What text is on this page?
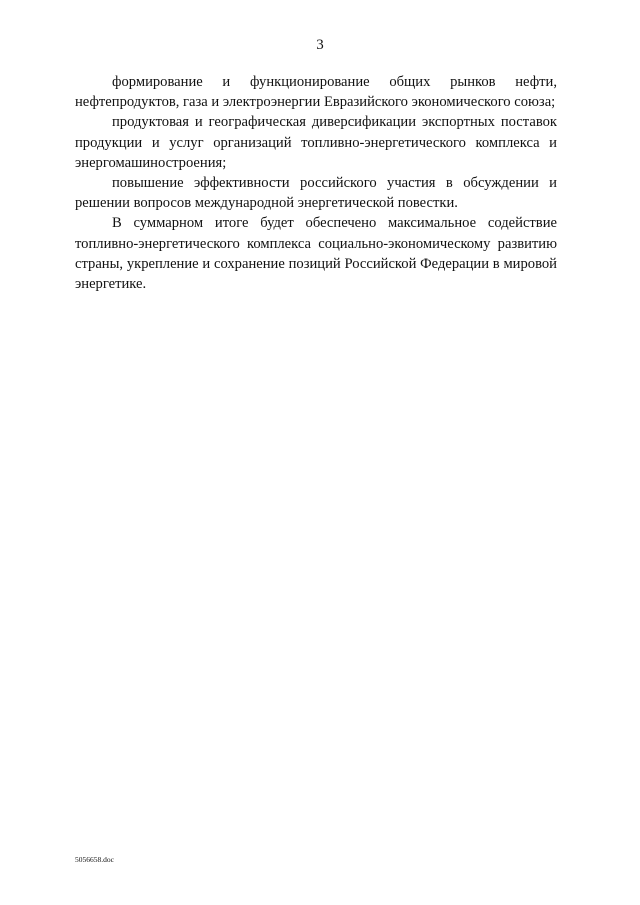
3

формирование и функционирование общих рынков нефти, нефтепродуктов, газа и электроэнергии Евразийского экономического союза;

продуктовая и географическая диверсификации экспортных поставок продукции и услуг организаций топливно-энергетического комплекса и энергомашиностроения;

повышение эффективности российского участия в обсуждении и решении вопросов международной энергетической повестки.

В суммарном итоге будет обеспечено максимальное содействие топливно-энергетического комплекса социально-экономическому развитию страны, укрепление и сохранение позиций Российской Федерации в мировой энергетике.

5056658.doc
